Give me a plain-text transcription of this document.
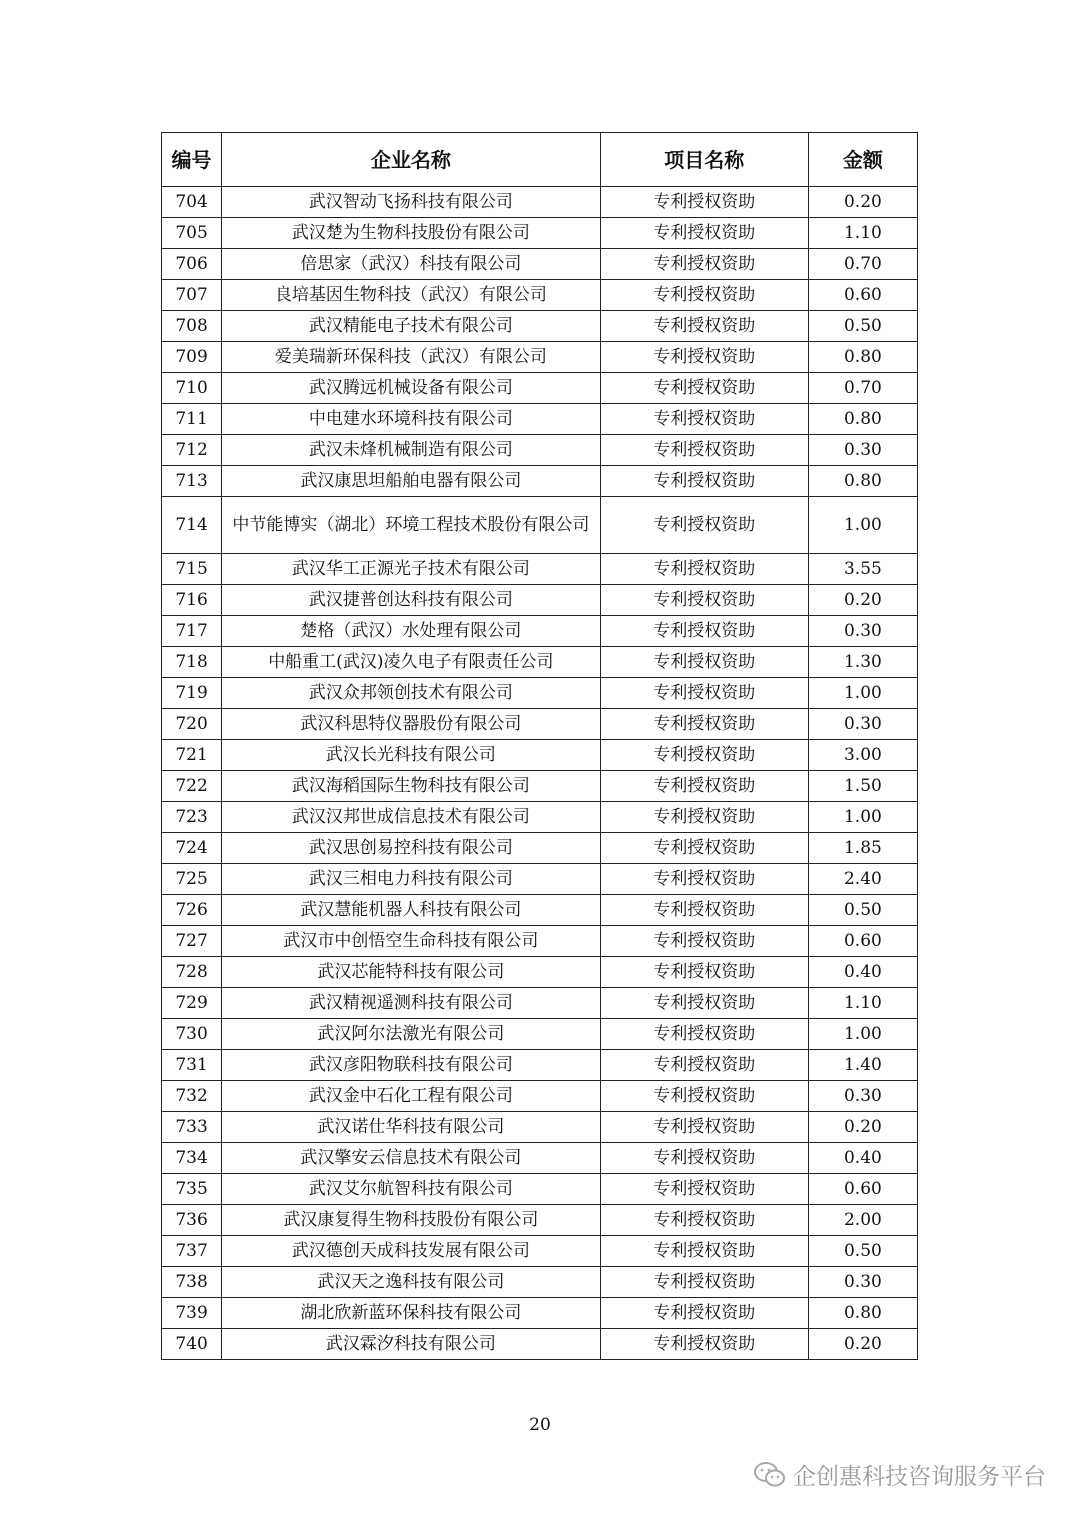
编号	企业名称	项目名称	金额
704	武汉智动飞扬科技有限公司	专利授权资助	0.20
705	武汉楚为生物科技股份有限公司	专利授权资助	1.10
706	倍思家（武汉）科技有限公司	专利授权资助	0.70
707	良培基因生物科技（武汉）有限公司	专利授权资助	0.60
708	武汉精能电子技术有限公司	专利授权资助	0.50
709	爱美瑞新环保科技（武汉）有限公司	专利授权资助	0.80
710	武汉腾远机械设备有限公司	专利授权资助	0.70
711	中电建水环境科技有限公司	专利授权资助	0.80
712	武汉未烽机械制造有限公司	专利授权资助	0.30
713	武汉康思坦船舶电器有限公司	专利授权资助	0.80
714	中节能博实（湖北）环境工程技术股份有限公司	专利授权资助	1.00
715	武汉华工正源光子技术有限公司	专利授权资助	3.55
716	武汉捷普创达科技有限公司	专利授权资助	0.20
717	楚格（武汉）水处理有限公司	专利授权资助	0.30
718	中船重工(武汉)凌久电子有限责任公司	专利授权资助	1.30
719	武汉众邦领创技术有限公司	专利授权资助	1.00
720	武汉科思特仪器股份有限公司	专利授权资助	0.30
721	武汉长光科技有限公司	专利授权资助	3.00
722	武汉海稻国际生物科技有限公司	专利授权资助	1.50
723	武汉汉邦世成信息技术有限公司	专利授权资助	1.00
724	武汉思创易控科技有限公司	专利授权资助	1.85
725	武汉三相电力科技有限公司	专利授权资助	2.40
726	武汉慧能机器人科技有限公司	专利授权资助	0.50
727	武汉市中创悟空生命科技有限公司	专利授权资助	0.60
728	武汉芯能特科技有限公司	专利授权资助	0.40
729	武汉精视遥测科技有限公司	专利授权资助	1.10
730	武汉阿尔法激光有限公司	专利授权资助	1.00
731	武汉彦阳物联科技有限公司	专利授权资助	1.40
732	武汉金中石化工程有限公司	专利授权资助	0.30
733	武汉诺仕华科技有限公司	专利授权资助	0.20
734	武汉擎安云信息技术有限公司	专利授权资助	0.40
735	武汉艾尔航智科技有限公司	专利授权资助	0.60
736	武汉康复得生物科技股份有限公司	专利授权资助	2.00
737	武汉德创天成科技发展有限公司	专利授权资助	0.50
738	武汉天之逸科技有限公司	专利授权资助	0.30
739	湖北欣新蓝环保科技有限公司	专利授权资助	0.80
740	武汉霖汐科技有限公司	专利授权资助	0.20
20
企创惠科技咨询服务平台
